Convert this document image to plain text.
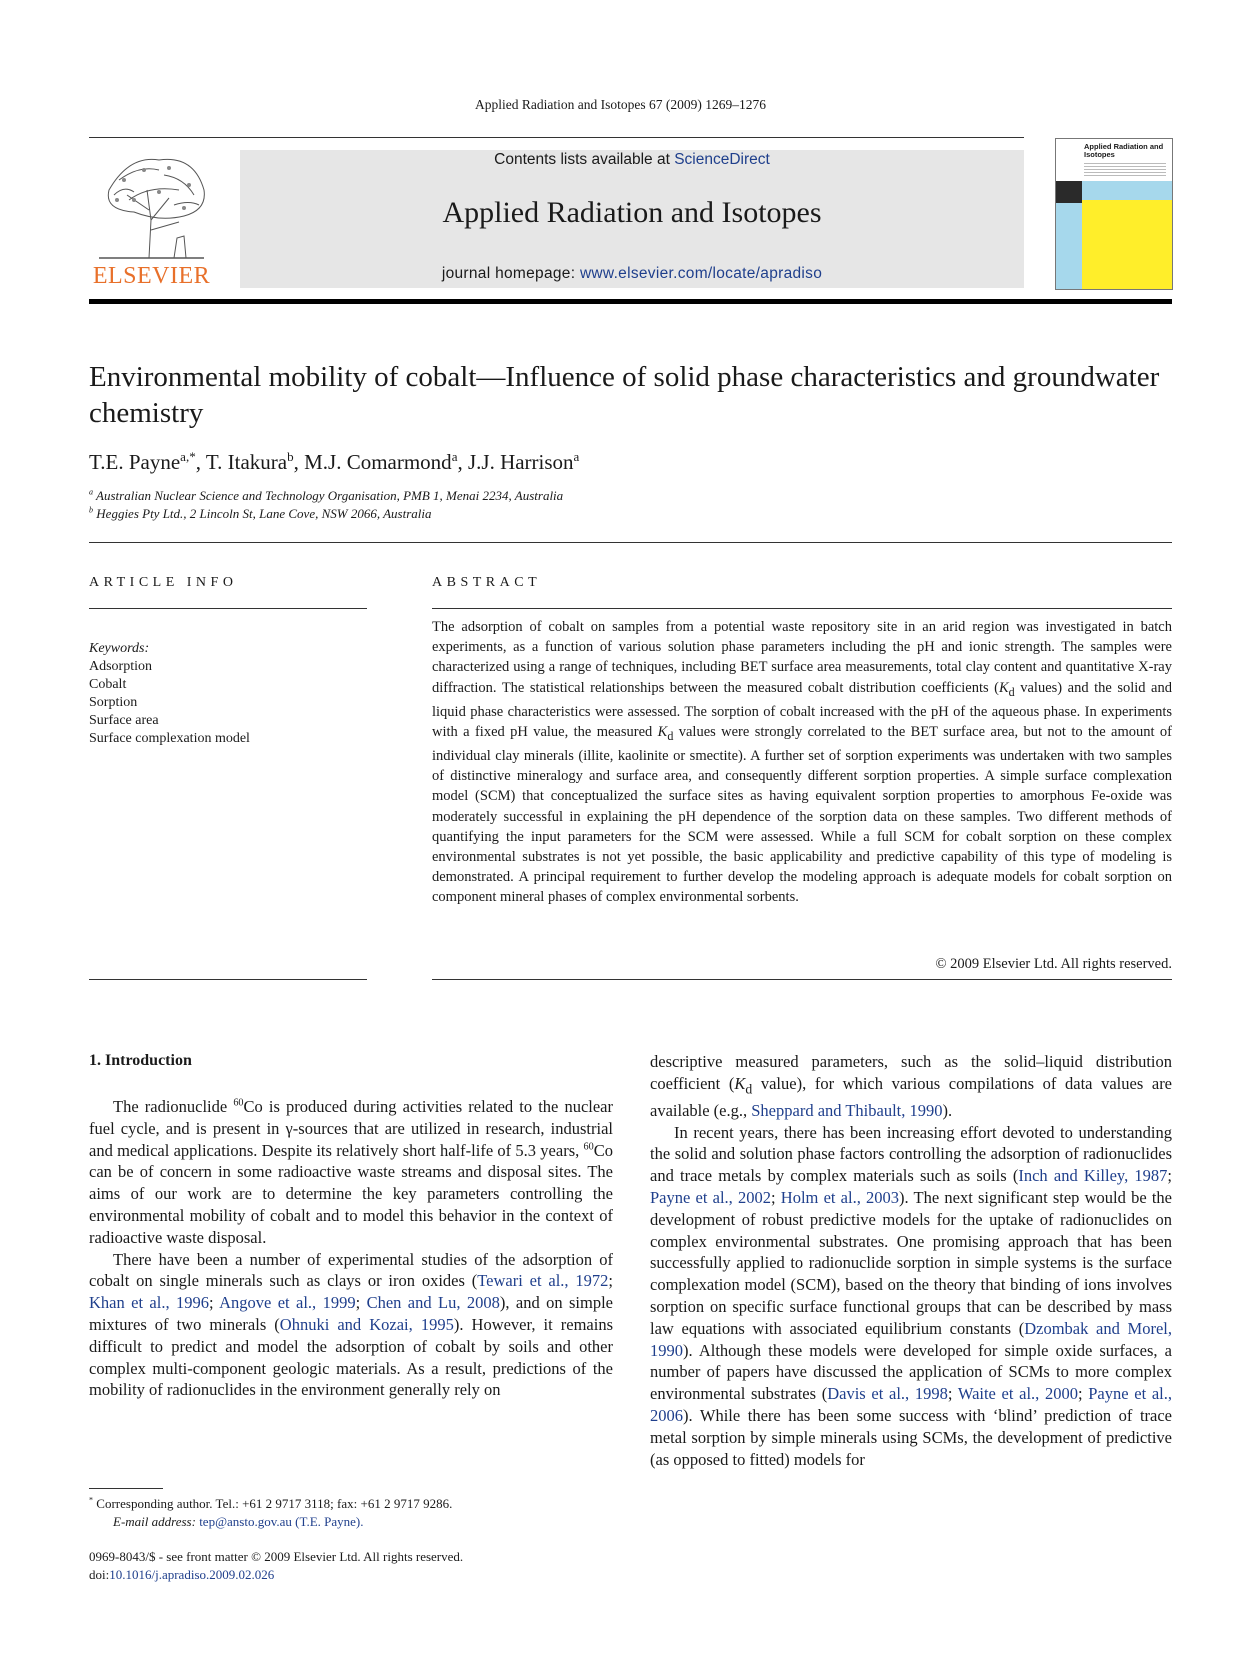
Applied Radiation and Isotopes 67 (2009) 1269–1276
ELSEVIER
Contents lists available at ScienceDirect
Applied Radiation and Isotopes
journal homepage: www.elsevier.com/locate/apradiso
Applied Radiation and Isotopes
Environmental mobility of cobalt—Influence of solid phase characteristics and groundwater chemistry
T.E. Payne$^{a,*}$, T. Itakura$^b$, M.J. Comarmond$^a$, J.J. Harrison$^a$
$^a$ Australian Nuclear Science and Technology Organisation, PMB 1, Menai 2234, Australia
$^b$ Heggies Pty Ltd., 2 Lincoln St, Lane Cove, NSW 2066, Australia
ARTICLE INFO	ABSTRACT
Keywords:
Adsorption
Cobalt
Sorption
Surface area
Surface complexation model
The adsorption of cobalt on samples from a potential waste repository site in an arid region was investigated in batch experiments, as a function of various solution phase parameters including the pH and ionic strength. The samples were characterized using a range of techniques, including BET surface area measurements, total clay content and quantitative X-ray diffraction. The statistical relationships between the measured cobalt distribution coefficients ($K_d$ values) and the solid and liquid phase characteristics were assessed. The sorption of cobalt increased with the pH of the aqueous phase. In experiments with a fixed pH value, the measured $K_d$ values were strongly correlated to the BET surface area, but not to the amount of individual clay minerals (illite, kaolinite or smectite). A further set of sorption experiments was undertaken with two samples of distinctive mineralogy and surface area, and consequently different sorption properties. A simple surface complexation model (SCM) that conceptualized the surface sites as having equivalent sorption properties to amorphous Fe-oxide was moderately successful in explaining the pH dependence of the sorption data on these samples. Two different methods of quantifying the input parameters for the SCM were assessed. While a full SCM for cobalt sorption on these complex environmental substrates is not yet possible, the basic applicability and predictive capability of this type of modeling is demonstrated. A principal requirement to further develop the modeling approach is adequate models for cobalt sorption on component mineral phases of complex environmental sorbents.
© 2009 Elsevier Ltd. All rights reserved.
1. Introduction

The radionuclide $^{60}$Co is produced during activities related to the nuclear fuel cycle, and is present in γ-sources that are utilized in research, industrial and medical applications. Despite its relatively short half-life of 5.3 years, $^{60}$Co can be of concern in some radioactive waste streams and disposal sites. The aims of our work are to determine the key parameters controlling the environmental mobility of cobalt and to model this behavior in the context of radioactive waste disposal.

There have been a number of experimental studies of the adsorption of cobalt on single minerals such as clays or iron oxides (Tewari et al., 1972; Khan et al., 1996; Angove et al., 1999; Chen and Lu, 2008), and on simple mixtures of two minerals (Ohnuki and Kozai, 1995). However, it remains difficult to predict and model the adsorption of cobalt by soils and other complex multi-component geologic materials. As a result, predictions of the mobility of radionuclides in the environment generally rely on

descriptive measured parameters, such as the solid–liquid distribution coefficient ($K_d$ value), for which various compilations of data values are available (e.g., Sheppard and Thibault, 1990).

In recent years, there has been increasing effort devoted to understanding the solid and solution phase factors controlling the adsorption of radionuclides and trace metals by complex materials such as soils (Inch and Killey, 1987; Payne et al., 2002; Holm et al., 2003). The next significant step would be the development of robust predictive models for the uptake of radionuclides on complex environmental substrates. One promising approach that has been successfully applied to radionuclide sorption in simple systems is the surface complexation model (SCM), based on the theory that binding of ions involves sorption on specific surface functional groups that can be described by mass law equations with associated equilibrium constants (Dzombak and Morel, 1990). Although these models were developed for simple oxide surfaces, a number of papers have discussed the application of SCMs to more complex environmental substrates (Davis et al., 1998; Waite et al., 2000; Payne et al., 2006). While there has been some success with ‘blind’ prediction of trace metal sorption by simple minerals using SCMs, the development of predictive (as opposed to fitted) models for

* Corresponding author. Tel.: +61 2 9717 3118; fax: +61 2 9717 9286.
E-mail address: tep@ansto.gov.au (T.E. Payne).
0969-8043/$ - see front matter © 2009 Elsevier Ltd. All rights reserved.
doi:10.1016/j.apradiso.2009.02.026
